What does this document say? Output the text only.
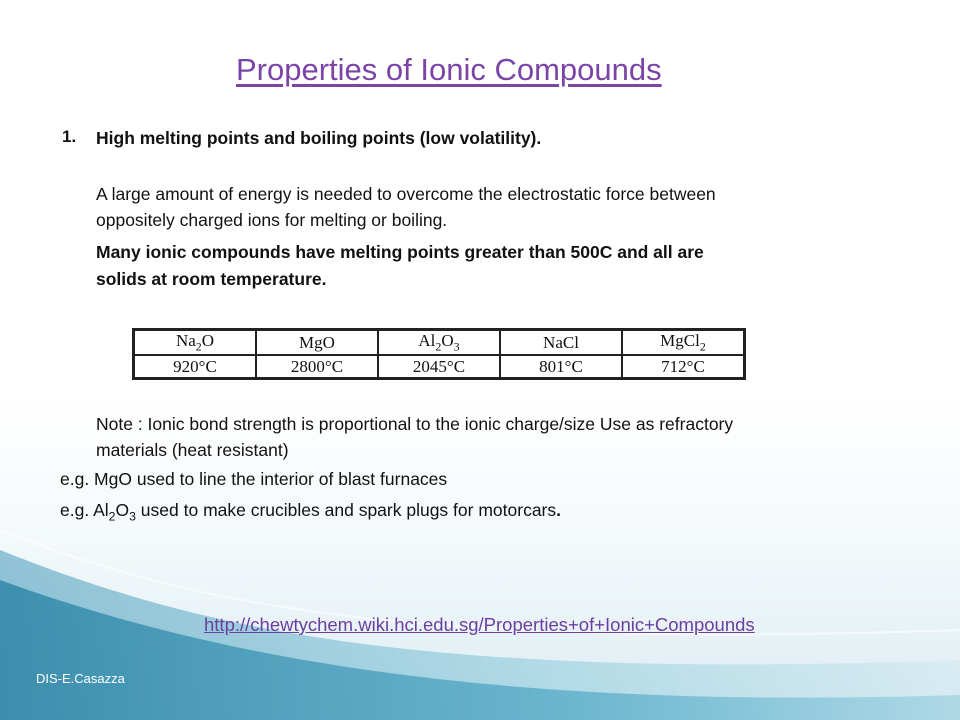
Properties of Ionic Compounds
1. High melting points and boiling points (low volatility).
A large amount of energy is needed to overcome the electrostatic force between
oppositely charged ions for melting or boiling.
Many ionic compounds have melting points greater than 500C and all are
solids at room temperature.
$Na_2O$	MgO	$Al_2O_3$	NaCl	MgCl$_2$
920°C	2800°C	2045°C	801°C	712°C
Note : Ionic bond strength is proportional to the ionic charge/size Use as refractory
materials (heat resistant)
e.g. MgO used to line the interior of blast furnaces
e.g. $Al_2O_3$ used to make crucibles and spark plugs for motorcars.
http://chewtychem.wiki.hci.edu.sg/Properties+of+Ionic+Compounds
DIS-E.Casazza
